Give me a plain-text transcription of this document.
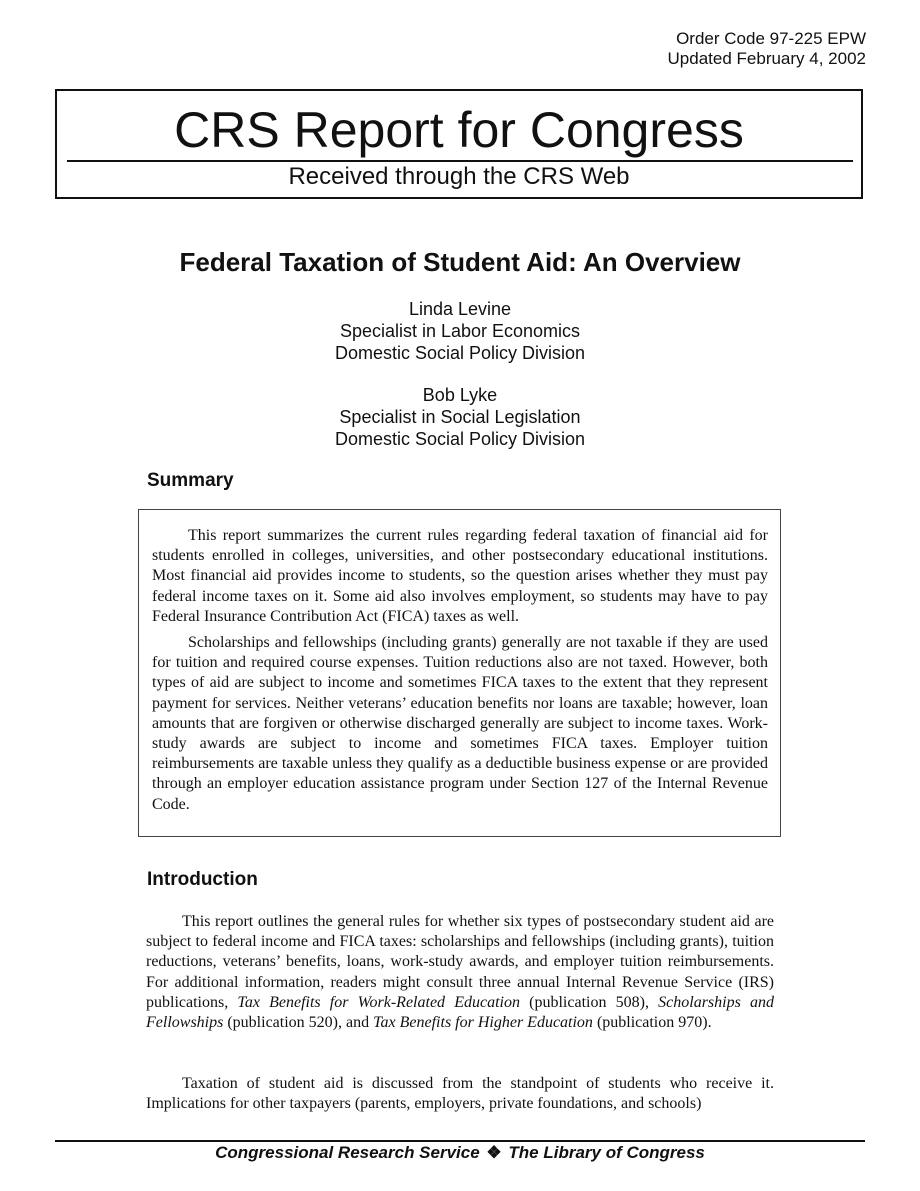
Order Code 97-225 EPW
Updated February 4, 2002
CRS Report for Congress
Received through the CRS Web
Federal Taxation of Student Aid: An Overview
Linda Levine
Specialist in Labor Economics
Domestic Social Policy Division
Bob Lyke
Specialist in Social Legislation
Domestic Social Policy Division
Summary

This report summarizes the current rules regarding federal taxation of financial aid for students enrolled in colleges, universities, and other postsecondary educational institutions. Most financial aid provides income to students, so the question arises whether they must pay federal income taxes on it. Some aid also involves employment, so students may have to pay Federal Insurance Contribution Act (FICA) taxes as well.

Scholarships and fellowships (including grants) generally are not taxable if they are used for tuition and required course expenses. Tuition reductions also are not taxed. However, both types of aid are subject to income and sometimes FICA taxes to the extent that they represent payment for services. Neither veterans’ education benefits nor loans are taxable; however, loan amounts that are forgiven or otherwise discharged generally are subject to income taxes. Work-study awards are subject to income and sometimes FICA taxes. Employer tuition reimbursements are taxable unless they qualify as a deductible business expense or are provided through an employer education assistance program under Section 127 of the Internal Revenue Code.

Introduction

This report outlines the general rules for whether six types of postsecondary student aid are subject to federal income and FICA taxes: scholarships and fellowships (including grants), tuition reductions, veterans’ benefits, loans, work-study awards, and employer tuition reimbursements. For additional information, readers might consult three annual Internal Revenue Service (IRS) publications, Tax Benefits for Work-Related Education (publication 508), Scholarships and Fellowships (publication 520), and Tax Benefits for Higher Education (publication 970).

Taxation of student aid is discussed from the standpoint of students who receive it. Implications for other taxpayers (parents, employers, private foundations, and schools)

Congressional Research Service ❖ The Library of Congress
